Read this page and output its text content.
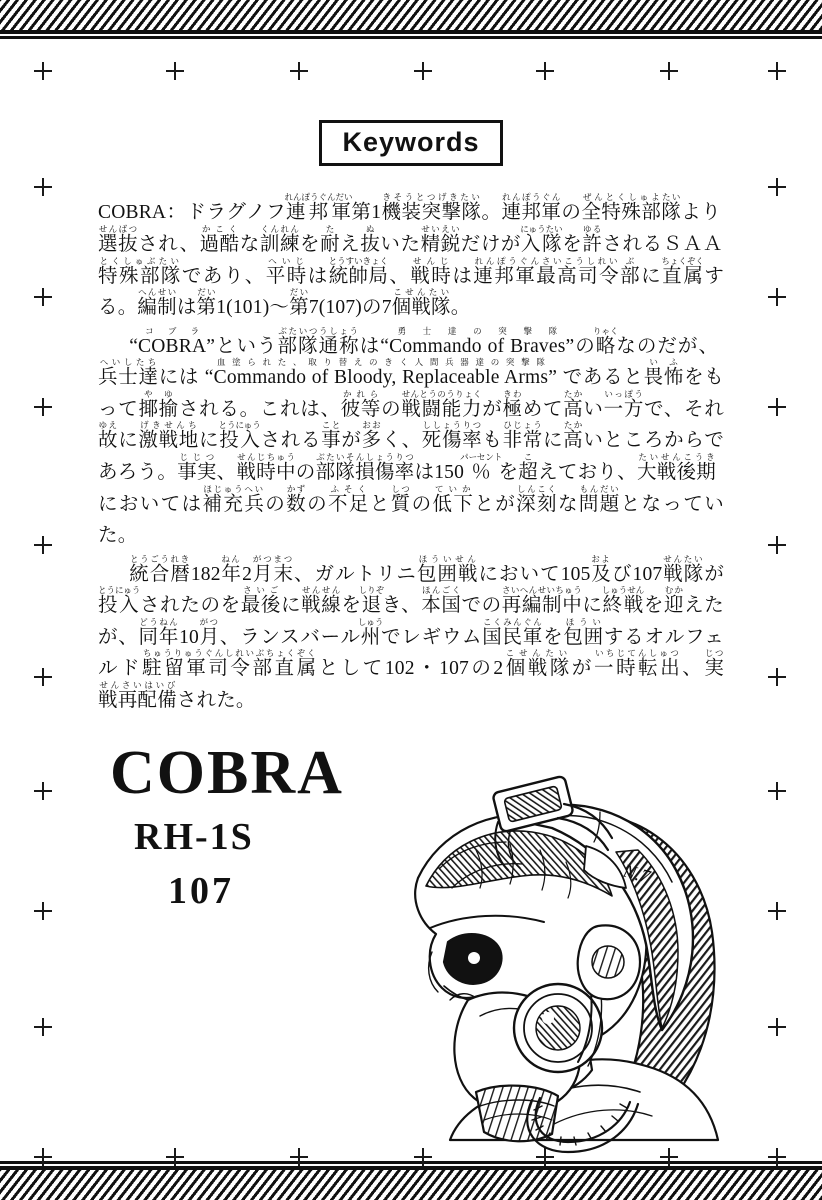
Keywords

COBRA：ドラグノフ連邦軍れんぽうぐんだい第1機装突撃隊きそうとつげきたい。連邦軍れんぽうぐんの全特殊部ぜんとくしゅよ隊たいより選抜せんばつされ、過酷かこくな訓練くんれんを耐たえ抜ぬいた精鋭せいえいだけが入隊にゅうたいを許ゆるされるＳＡＡ特殊部隊とくしゅぶたいであり、平時へいじは統帥局とうすいきょく、戦時せんじは連邦軍最高司令れんぽうぐんさいこうしれい部ぶに直属ちょくぞくする。編制へんせいは第だい1(101)～第だい7(107)の7個戦隊こせんたい。

“COBRAコブラ”という部隊通称ぶたいつうしょうは“Commando of Braves勇士達の突撃隊”の略りゃくなのだが、兵士達へいしたちには “Commando of Bloody, Replaceable Arms血塗られた、取り替えのきく人間兵器達の突撃隊” であると畏怖いふをもって揶揄やゆされる。これは、彼等かれらの戦闘能力せんとうのうりょくが極きわめて高たかい一方いっぽうで、それ故ゆえに激戦地げきせんちに投入とうにゅうされる事ことが多おおく、死傷率ししょうりつも非常ひじょうに高たかいところからであろう。事実じじつ、戦時中せんじちゅうの部隊損傷率ぶたいそんしょうりつは150％パーセントを超こえており、大戦後期たいせんこうきにおいては補充兵ほじゅうへいの数かずの不足ふそくと質しつの低下ていかとが深刻しんこくな問題もんだいとなっていた。

統合暦とうごうれき182年ねん2月末がつまつ、ガルトリニ包囲戦ほういせんにおいて105及および107戦隊せんたいが投入とうにゅうされたのを最後さいごに戦線せんせんを退しりぞき、本国ほんごくでの再編制中さいへんせいちゅうに終戦しゅうせんを迎むかえたが、同年どうねん10月がつ、ランスバール州しゅうでレギウム国民軍こくみんぐんを包囲ほういするオルフェルド駐留軍司令部直属ちゅうりゅうぐんしれいぶちょくぞくとして102・107の2個戦隊こせんたいが一時転出いちじてんしゅつ、実じつ戦再配備せんさいはいびされた。

N.7
COBRA
RH-1S
107
